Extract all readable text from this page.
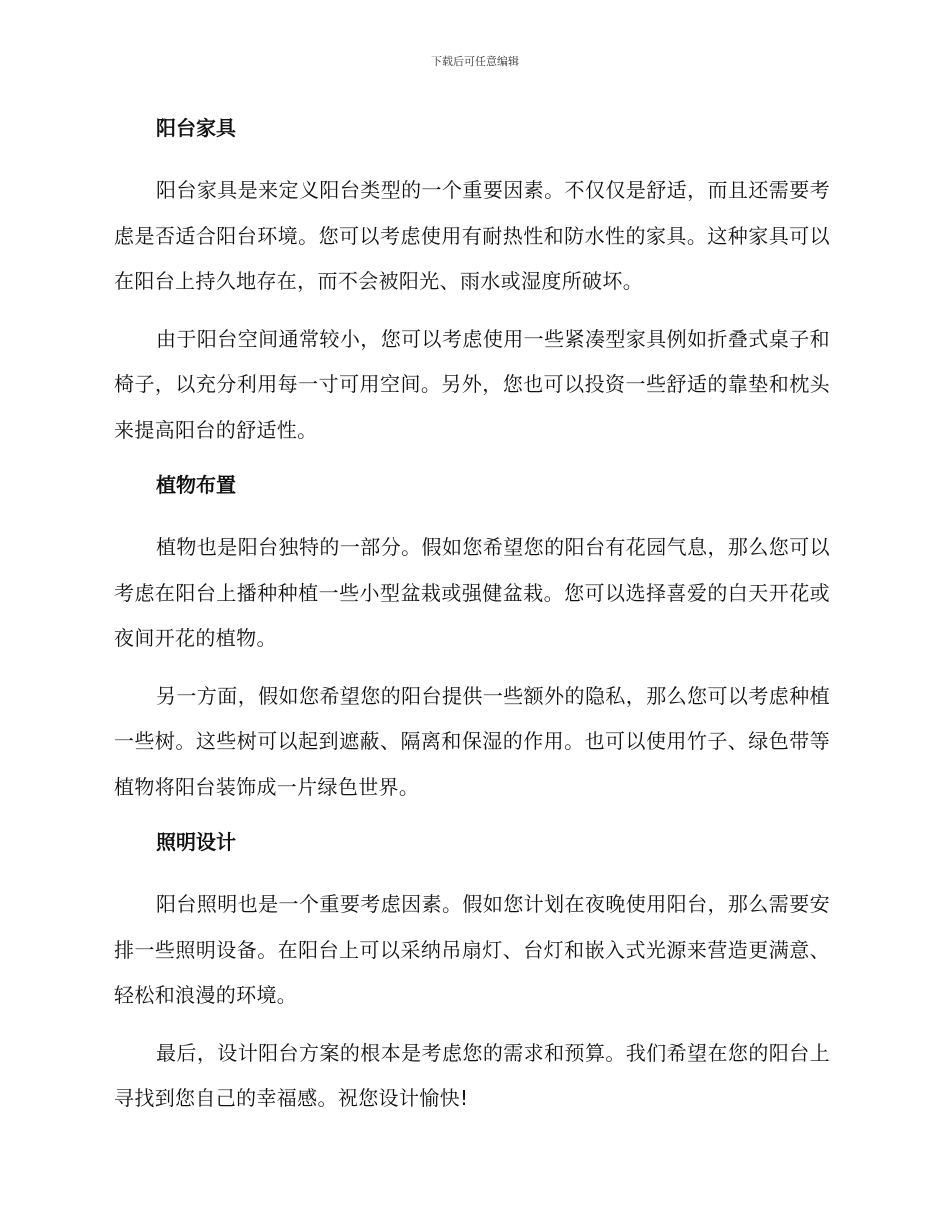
下载后可任意编辑
阳台家具

阳台家具是来定义阳台类型的一个重要因素。不仅仅是舒适，而且还需要考虑是否适合阳台环境。您可以考虑使用有耐热性和防水性的家具。这种家具可以在阳台上持久地存在，而不会被阳光、雨水或湿度所破坏。

由于阳台空间通常较小，您可以考虑使用一些紧凑型家具例如折叠式桌子和椅子，以充分利用每一寸可用空间。另外，您也可以投资一些舒适的靠垫和枕头来提高阳台的舒适性。

植物布置

植物也是阳台独特的一部分。假如您希望您的阳台有花园气息，那么您可以考虑在阳台上播种种植一些小型盆栽或强健盆栽。您可以选择喜爱的白天开花或夜间开花的植物。

另一方面，假如您希望您的阳台提供一些额外的隐私，那么您可以考虑种植一些树。这些树可以起到遮蔽、隔离和保湿的作用。也可以使用竹子、绿色带等植物将阳台装饰成一片绿色世界。

照明设计

阳台照明也是一个重要考虑因素。假如您计划在夜晚使用阳台，那么需要安排一些照明设备。在阳台上可以采纳吊扇灯、台灯和嵌入式光源来营造更满意、轻松和浪漫的环境。

最后，设计阳台方案的根本是考虑您的需求和预算。我们希望在您的阳台上寻找到您自己的幸福感。祝您设计愉快!
